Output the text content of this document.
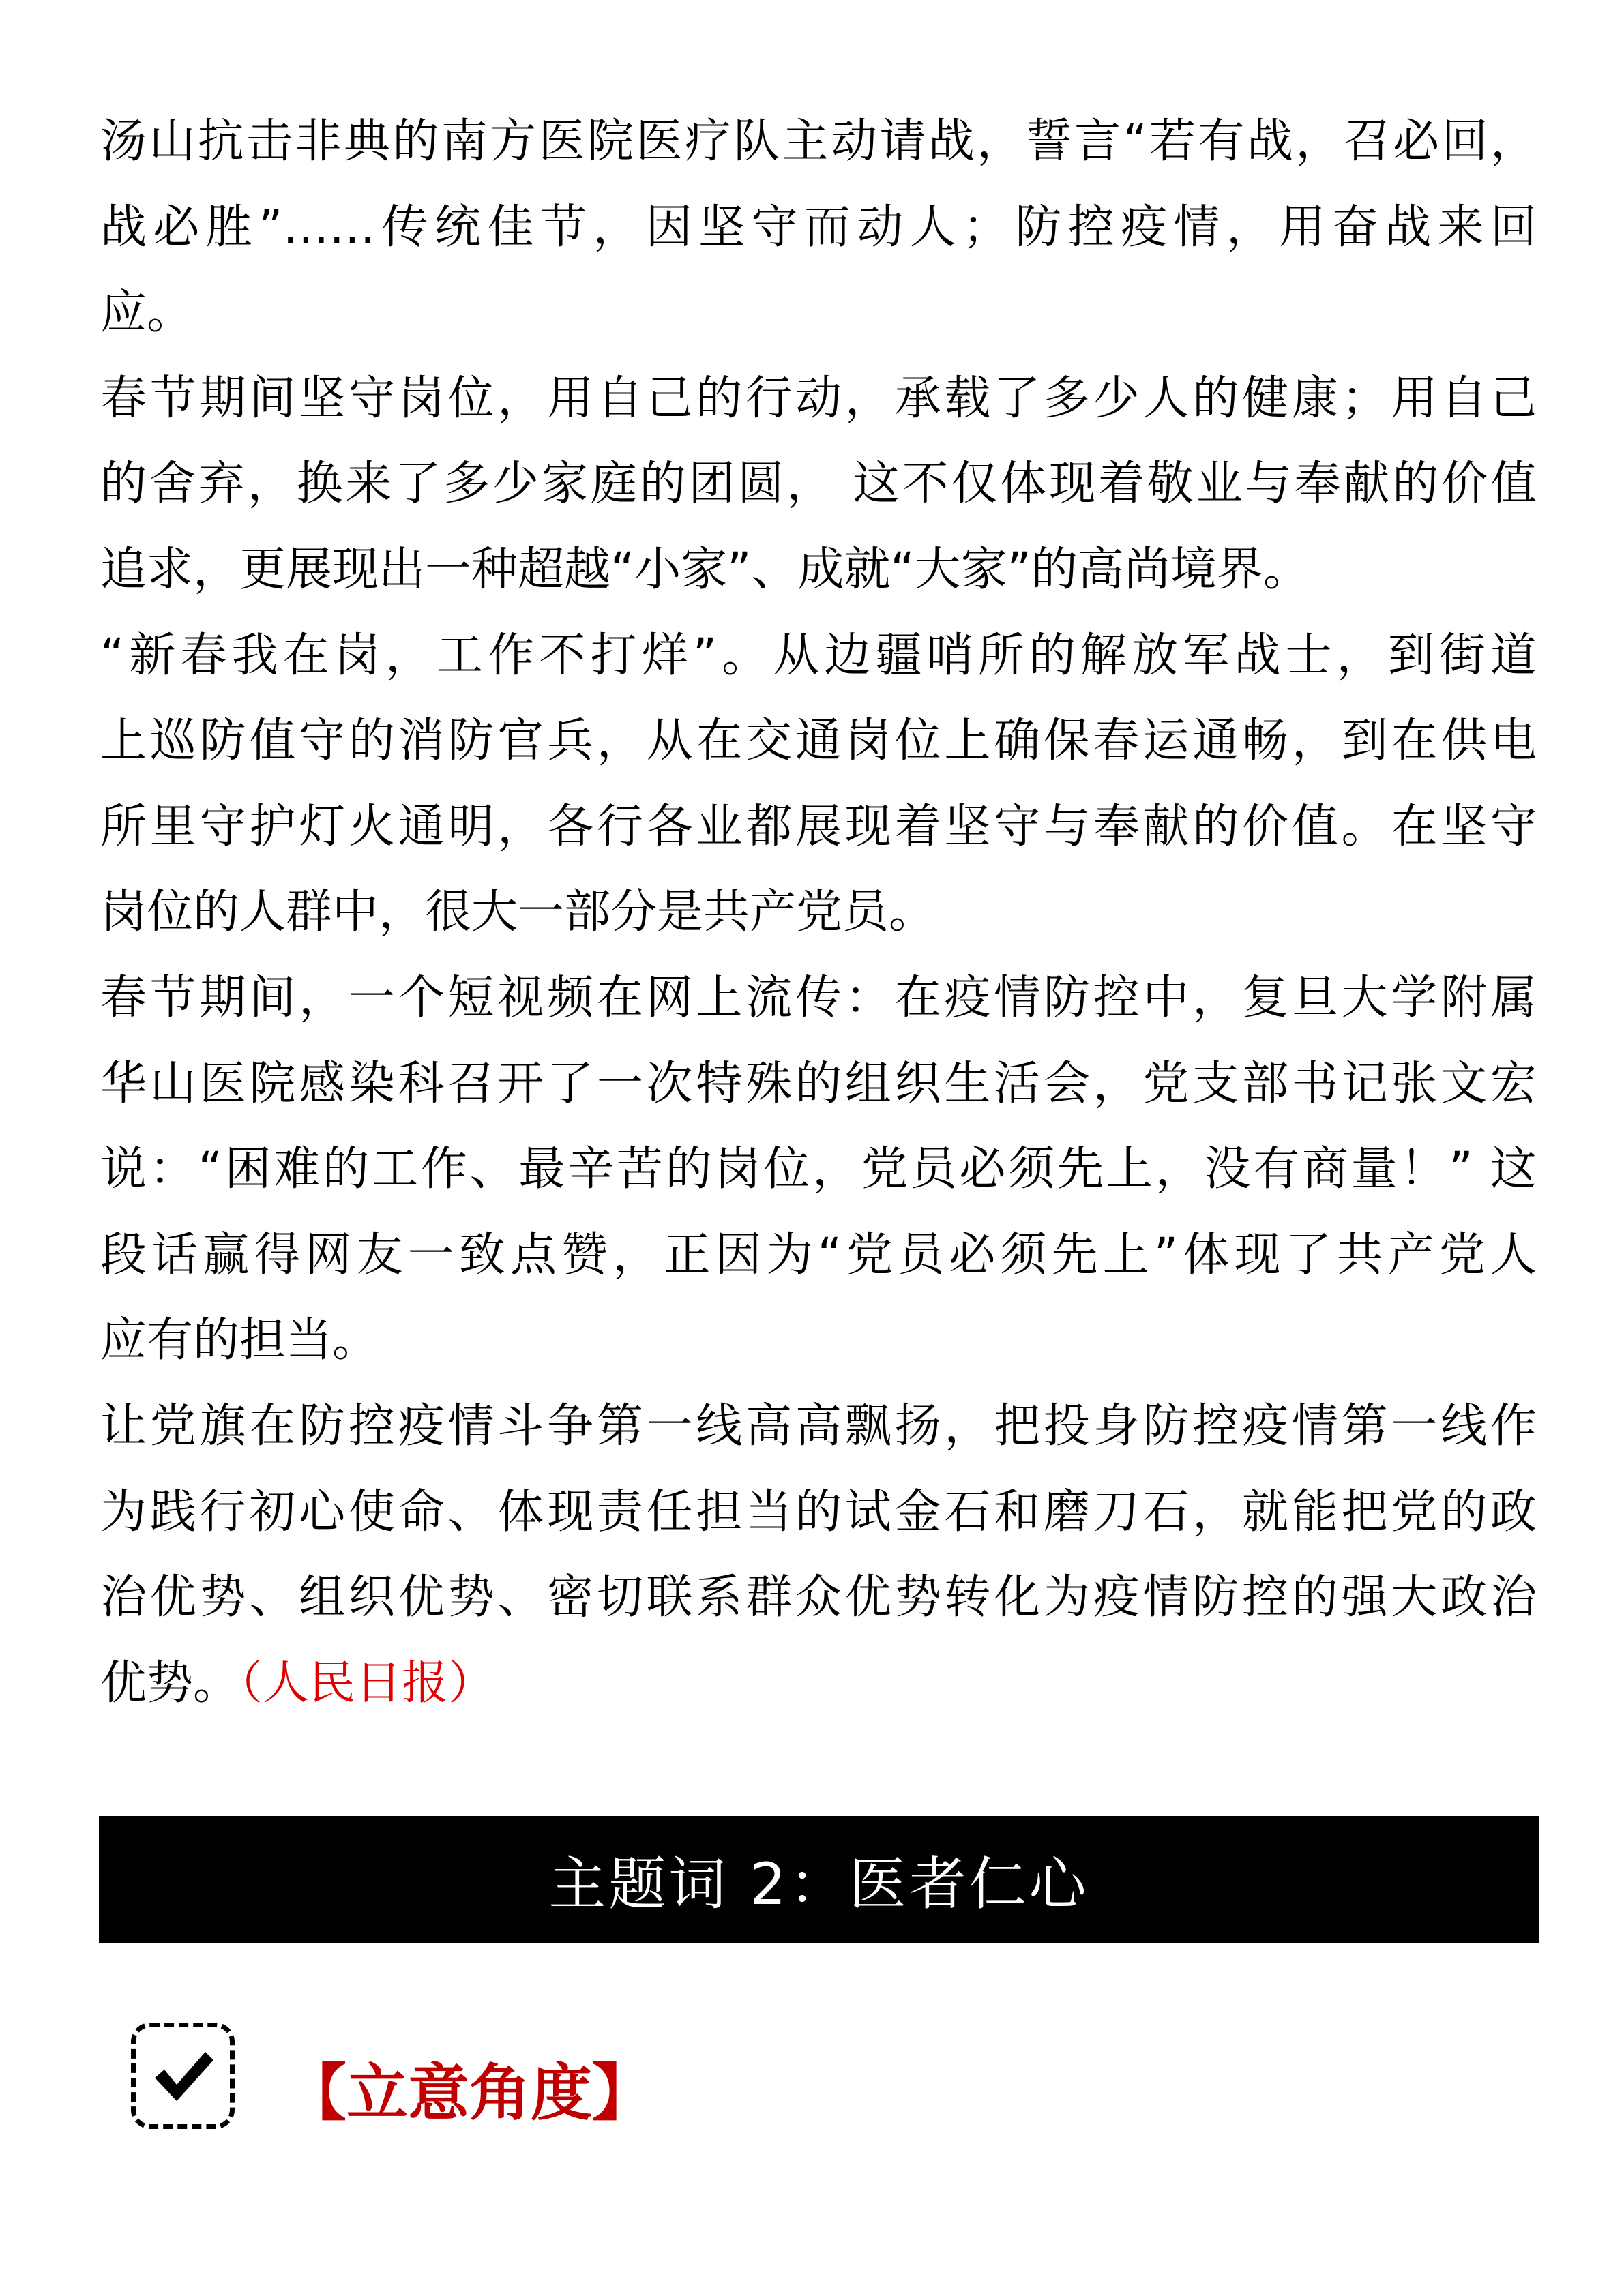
汤山抗击非典的南方医院医疗队主动请战，誓言“若有战，召必回，
战必胜”……传统佳节，因坚守而动人；防控疫情，用奋战来回
应。
春节期间坚守岗位，用自己的行动，承载了多少人的健康；用自己
的舍弃，换来了多少家庭的团圆， 这不仅体现着敬业与奉献的价值
追求，更展现出一种超越“小家”、成就“大家”的高尚境界。
“新春我在岗，工作不打烊”。从边疆哨所的解放军战士，到街道
上巡防值守的消防官兵，从在交通岗位上确保春运通畅，到在供电
所里守护灯火通明，各行各业都展现着坚守与奉献的价值。在坚守
岗位的人群中，很大一部分是共产党员。
春节期间，一个短视频在网上流传：在疫情防控中，复旦大学附属
华山医院感染科召开了一次特殊的组织生活会，党支部书记张文宏
说：“困难的工作、最辛苦的岗位，党员必须先上，没有商量！” 这
段话赢得网友一致点赞，正因为“党员必须先上”体现了共产党人
应有的担当。
让党旗在防控疫情斗争第一线高高飘扬，把投身防控疫情第一线作
为践行初心使命、体现责任担当的试金石和磨刀石，就能把党的政
治优势、组织优势、密切联系群众优势转化为疫情防控的强大政治
优势。（人民日报）
主题词 2：医者仁心
【立意角度】
